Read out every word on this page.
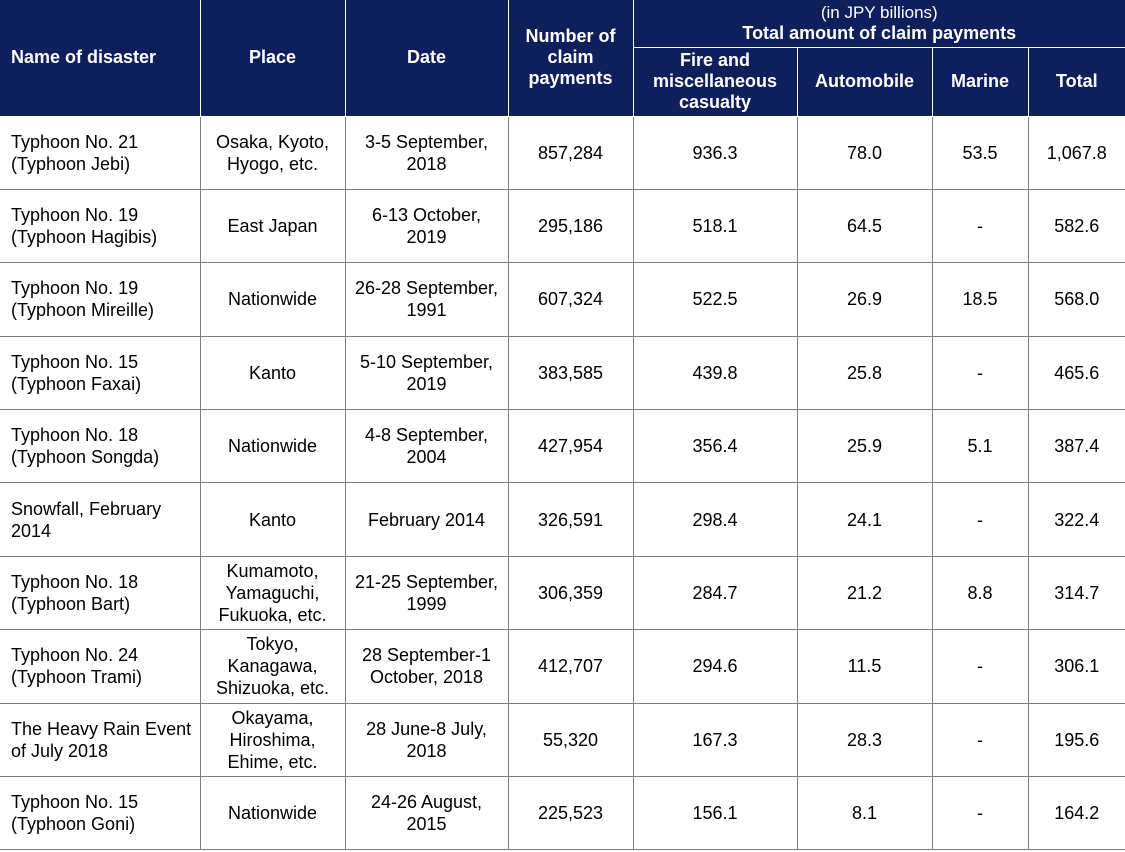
Name of disaster	Place	Date	Number of claim payments	(in JPY billions)
Total amount of claim payments			

				Fire and miscellaneous casualty	Automobile	Marine	Total
Typhoon No. 21 (Typhoon Jebi)	Osaka, Kyoto, Hyogo, etc.	3-5 September, 2018	857,284	936.3	78.0	53.5	1,067.8
Typhoon No. 19 (Typhoon Hagibis)	East Japan	6-13 October, 2019	295,186	518.1	64.5	-	582.6
Typhoon No. 19 (Typhoon Mireille)	Nationwide	26-28 September, 1991	607,324	522.5	26.9	18.5	568.0
Typhoon No. 15 (Typhoon Faxai)	Kanto	5-10 September, 2019	383,585	439.8	25.8	-	465.6
Typhoon No. 18 (Typhoon Songda)	Nationwide	4-8 September, 2004	427,954	356.4	25.9	5.1	387.4
Snowfall, February 2014	Kanto	February 2014	326,591	298.4	24.1	-	322.4
Typhoon No. 18 (Typhoon Bart)	Kumamoto, Yamaguchi, Fukuoka, etc.	21-25 September, 1999	306,359	284.7	21.2	8.8	314.7
Typhoon No. 24 (Typhoon Trami)	Tokyo, Kanagawa, Shizuoka, etc.	28 September-1 October, 2018	412,707	294.6	11.5	-	306.1
The Heavy Rain Event of July 2018	Okayama, Hiroshima, Ehime, etc.	28 June-8 July, 2018	55,320	167.3	28.3	-	195.6
Typhoon No. 15 (Typhoon Goni)	Nationwide	24-26 August, 2015	225,523	156.1	8.1	-	164.2
